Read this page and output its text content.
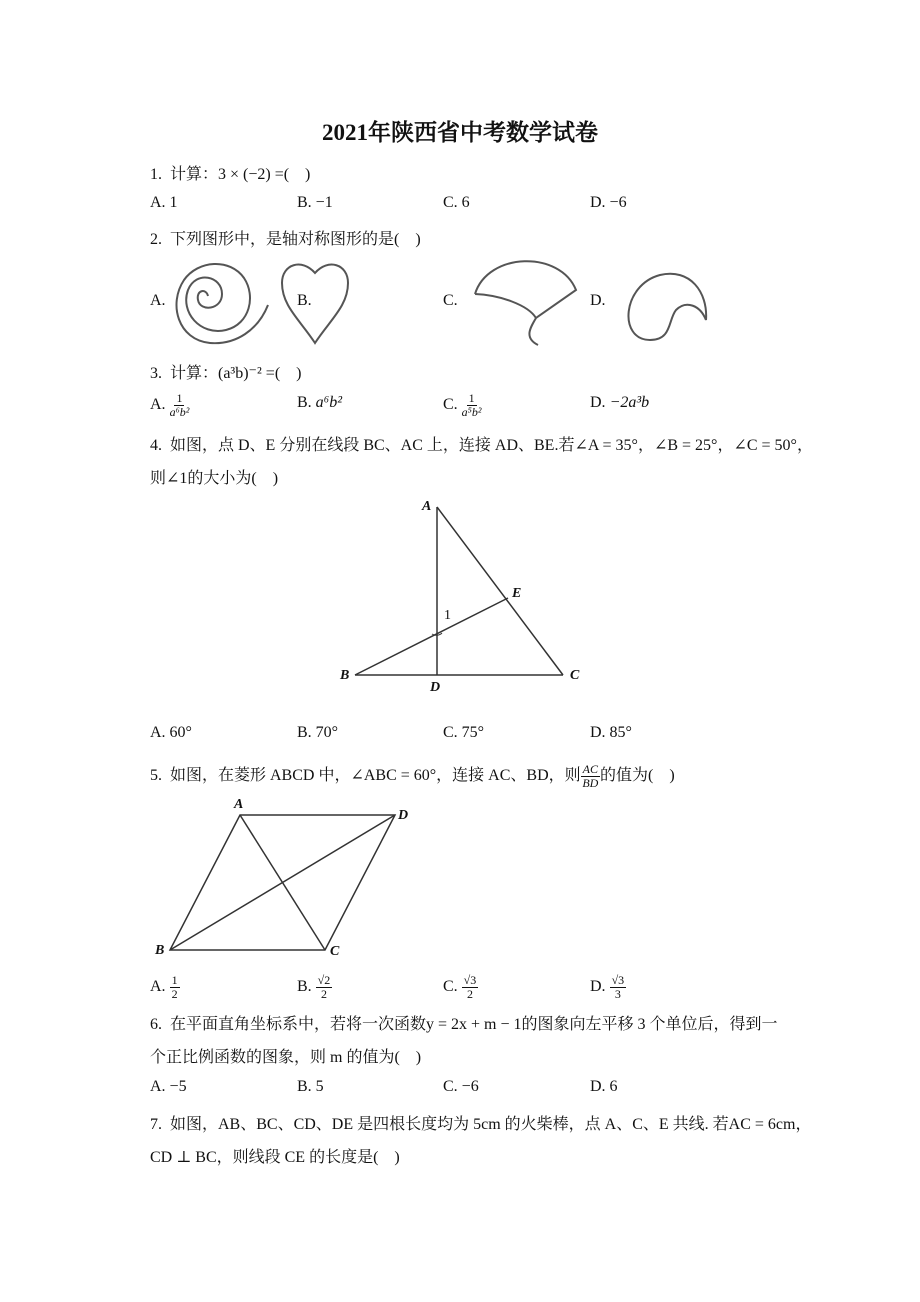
2021年陕西省中考数学试卷
1. 计算：3 × (−2) =(　)
A. 1	B. −1	C. 6	D. −6
2. 下列图形中，是轴对称图形的是(　)
A.	B.	C.	D.
3. 计算：(a³b)⁻² =(　)
A. $\frac{1}{\text{a⁶b²}}$	B. a⁶b²	C. $\frac{1}{\text{a⁵b²}}$	D. −2a³b
4. 如图，点 D、E 分别在线段 BC、AC 上，连接 AD、BE.若∠A = 35°，∠B = 25°，∠C = 50°，
则∠1的大小为(　)
A
B	C
D
E
1
A. 60°	B. 70°	C. 75°	D. 85°
5. 如图，在菱形 ABCD 中，∠ABC = 60°，连接 AC、BD，则 $\frac{AC}{BD}$ 的值为(　)
A
B	C
D
A. $\frac{1}{2}$	B. $\frac{√2}{2}$	C. $\frac{√3}{2}$	D. $\frac{√3}{3}$
6. 在平面直角坐标系中，若将一次函数y = 2x + m − 1的图象向左平移 3 个单位后，得到一
个正比例函数的图象，则 m 的值为(　)
A. −5	B. 5	C. −6	D. 6
7. 如图，AB、BC、CD、DE 是四根长度均为 5cm 的火柴棒，点 A、C、E 共线. 若AC = 6cm，
CD ⊥ BC，则线段 CE 的长度是(　)
